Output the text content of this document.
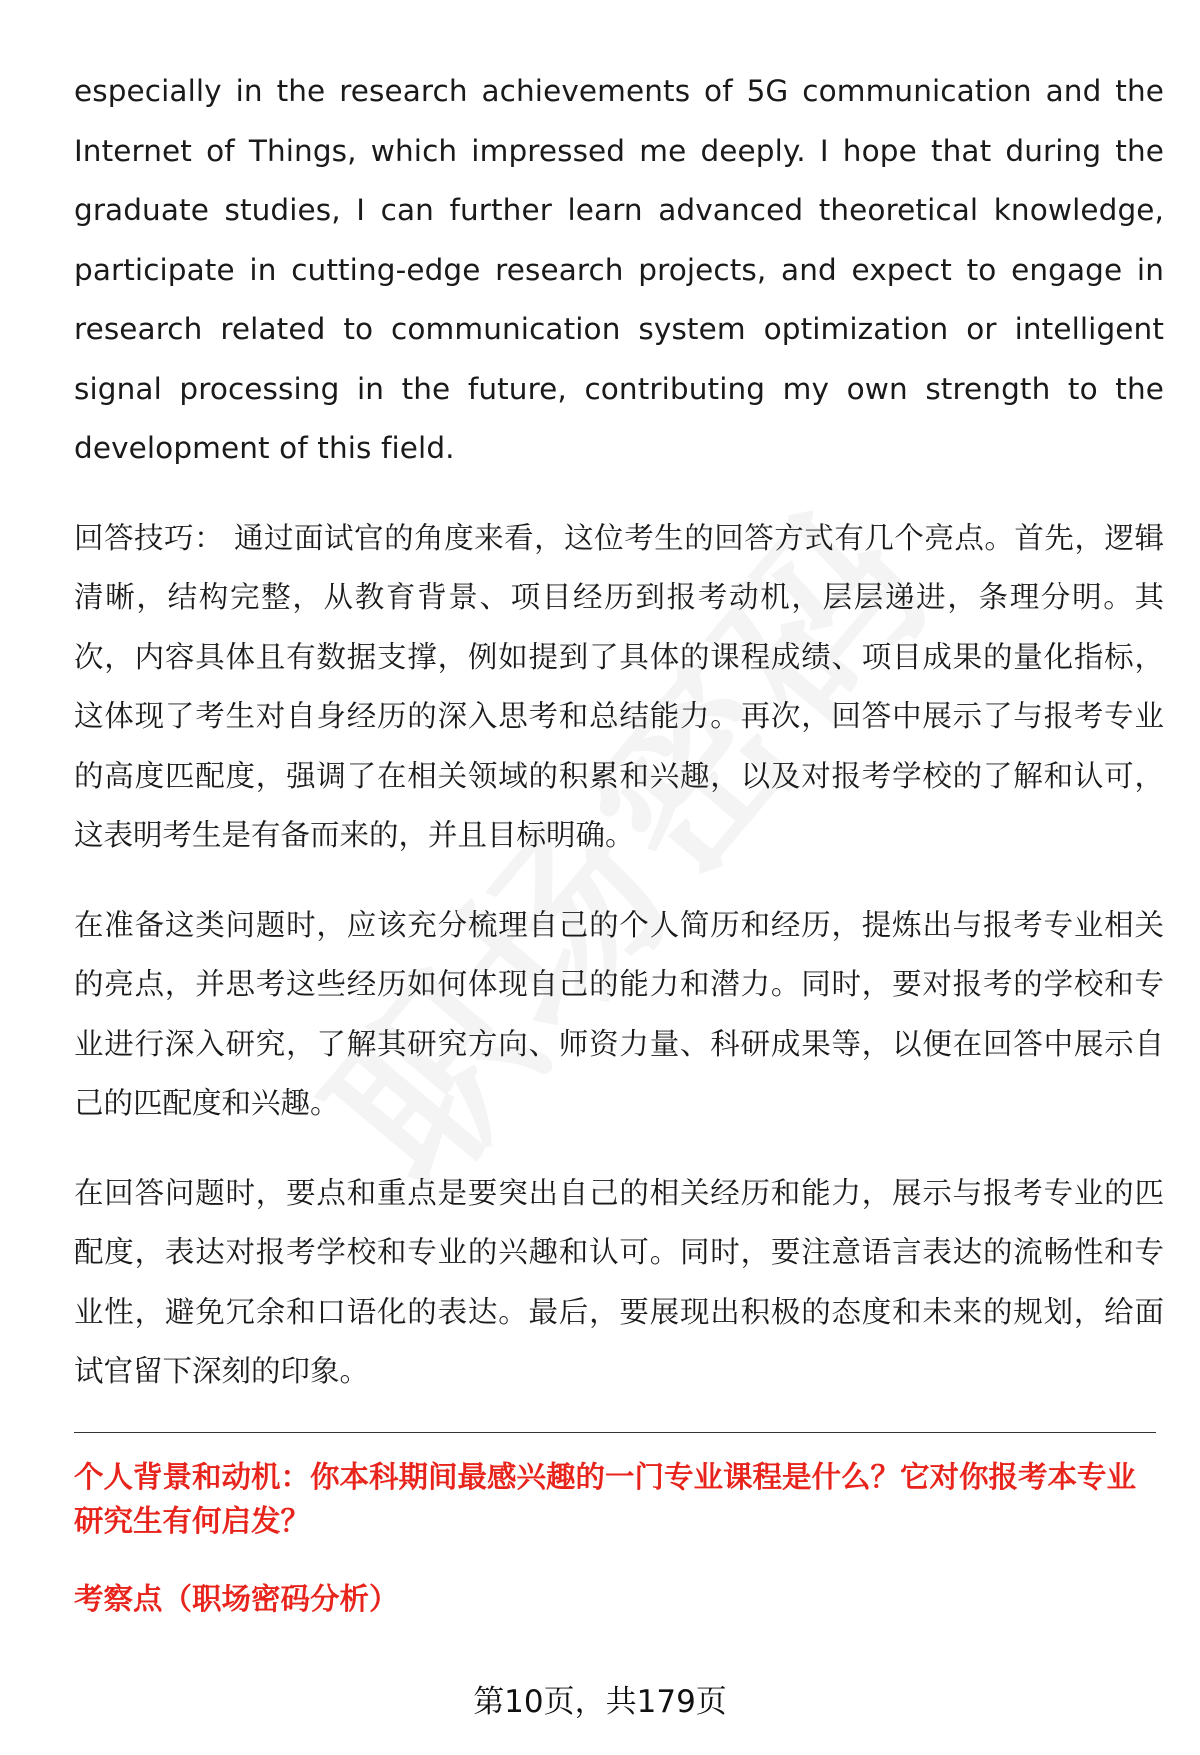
especially in the research achievements of 5G communication and the Internet of Things, which impressed me deeply. I hope that during the graduate studies, I can further learn advanced theoretical knowledge, participate in cutting-edge research projects, and expect to engage in research related to communication system optimization or intelligent signal processing in the future, contributing my own strength to the development of this field.

回答技巧： 通过面试官的角度来看，这位考生的回答方式有几个亮点。首先，逻辑清晰，结构完整，从教育背景、项目经历到报考动机，层层递进，条理分明。其次，内容具体且有数据支撑，例如提到了具体的课程成绩、项目成果的量化指标，这体现了考生对自身经历的深入思考和总结能力。再次，回答中展示了与报考专业的高度匹配度，强调了在相关领域的积累和兴趣，以及对报考学校的了解和认可，这表明考生是有备而来的，并且目标明确。

在准备这类问题时，应该充分梳理自己的个人简历和经历，提炼出与报考专业相关的亮点，并思考这些经历如何体现自己的能力和潜力。同时，要对报考的学校和专业进行深入研究，了解其研究方向、师资力量、科研成果等，以便在回答中展示自己的匹配度和兴趣。

在回答问题时，要点和重点是要突出自己的相关经历和能力，展示与报考专业的匹配度，表达对报考学校和专业的兴趣和认可。同时，要注意语言表达的流畅性和专业性，避免冗余和口语化的表达。最后，要展现出积极的态度和未来的规划，给面试官留下深刻的印象。

个人背景和动机：你本科期间最感兴趣的一门专业课程是什么？它对你报考本专业研究生有何启发？

考察点（职场密码分析）

第10页，共179页
